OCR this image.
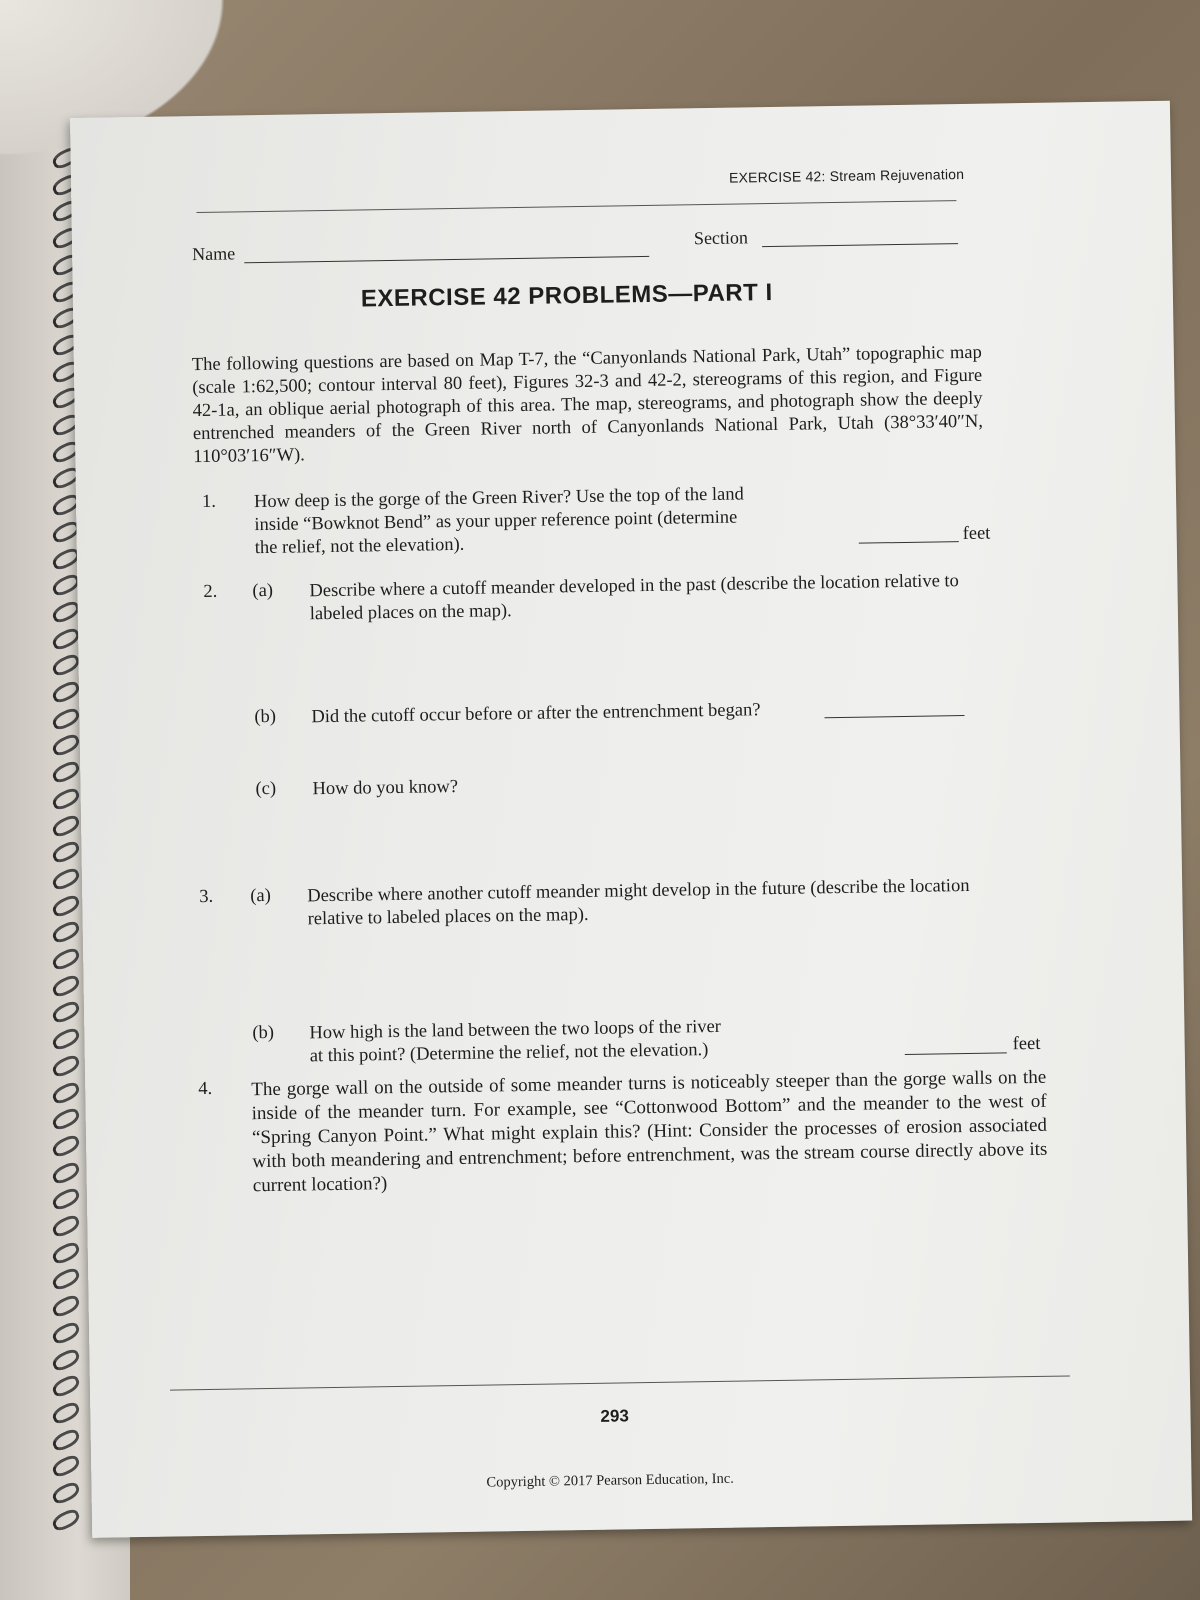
EXERCISE 42: Stream Rejuvenation
Name
Section
EXERCISE 42 PROBLEMS—PART I
The following questions are based on Map T-7, the “Canyonlands National Park, Utah” topographic map (scale 1:62,500; contour interval 80 feet), Figures 32-3 and 42-2, stereograms of this region, and Figure 42-1a, an oblique aerial photograph of this area. The map, stereograms, and photograph show the deeply entrenched meanders of the Green River north of Canyonlands National Park, Utah (38°33′40″N, 110°03′16″W).
1. How deep is the gorge of the Green River? Use the top of the land inside “Bowknot Bend” as your upper reference point (determine the relief, not the elevation).
feet
2. (a) Describe where a cutoff meander developed in the past (describe the location relative to labeled places on the map).
(b) Did the cutoff occur before or after the entrenchment began?
(c) How do you know?
3. (a) Describe where another cutoff meander might develop in the future (describe the location relative to labeled places on the map).
(b) How high is the land between the two loops of the river
at this point? (Determine the relief, not the elevation.)	feet
4. The gorge wall on the outside of some meander turns is noticeably steeper than the gorge walls on the inside of the meander turn. For example, see “Cottonwood Bottom” and the meander to the west of “Spring Canyon Point.” What might explain this? (Hint: Consider the processes of erosion associated with both meandering and entrenchment; before entrenchment, was the stream course directly above its current location?)
293
Copyright © 2017 Pearson Education, Inc.
